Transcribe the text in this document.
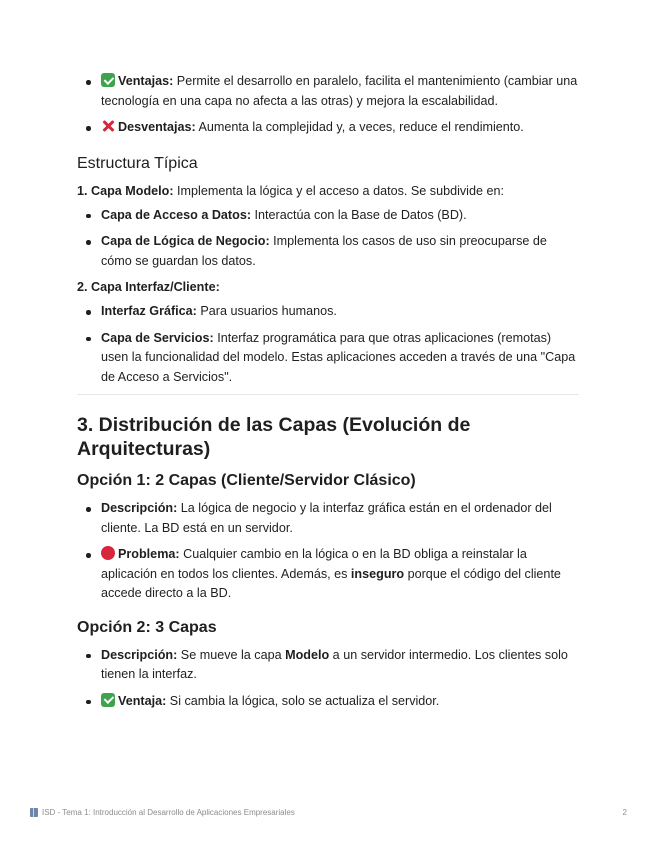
Ventajas: Permite el desarrollo en paralelo, facilita el mantenimiento (cambiar una tecnología en una capa no afecta a las otras) y mejora la escalabilidad.
Desventajas: Aumenta la complejidad y, a veces, reduce el rendimiento.
Estructura Típica

1. Capa Modelo: Implementa la lógica y el acceso a datos. Se subdivide en:

Capa de Acceso a Datos: Interactúa con la Base de Datos (BD).
Capa de Lógica de Negocio: Implementa los casos de uso sin preocuparse de cómo se guardan los datos.

2. Capa Interfaz/Cliente:

Interfaz Gráfica: Para usuarios humanos.
Capa de Servicios: Interfaz programática para que otras aplicaciones (remotas) usen la funcionalidad del modelo. Estas aplicaciones acceden a través de una "Capa de Acceso a Servicios".
3. Distribución de las Capas (Evolución de Arquitecturas)
Opción 1: 2 Capas (Cliente/Servidor Clásico)
Descripción: La lógica de negocio y la interfaz gráfica están en el ordenador del cliente. La BD está en un servidor.
Problema: Cualquier cambio en la lógica o en la BD obliga a reinstalar la aplicación en todos los clientes. Además, es inseguro porque el código del cliente accede directo a la BD.
Opción 2: 3 Capas
Descripción: Se mueve la capa Modelo a un servidor intermedio. Los clientes solo tienen la interfaz.
Ventaja: Si cambia la lógica, solo se actualiza el servidor.
ISD - Tema 1: Introducción al Desarrollo de Aplicaciones Empresariales	2
